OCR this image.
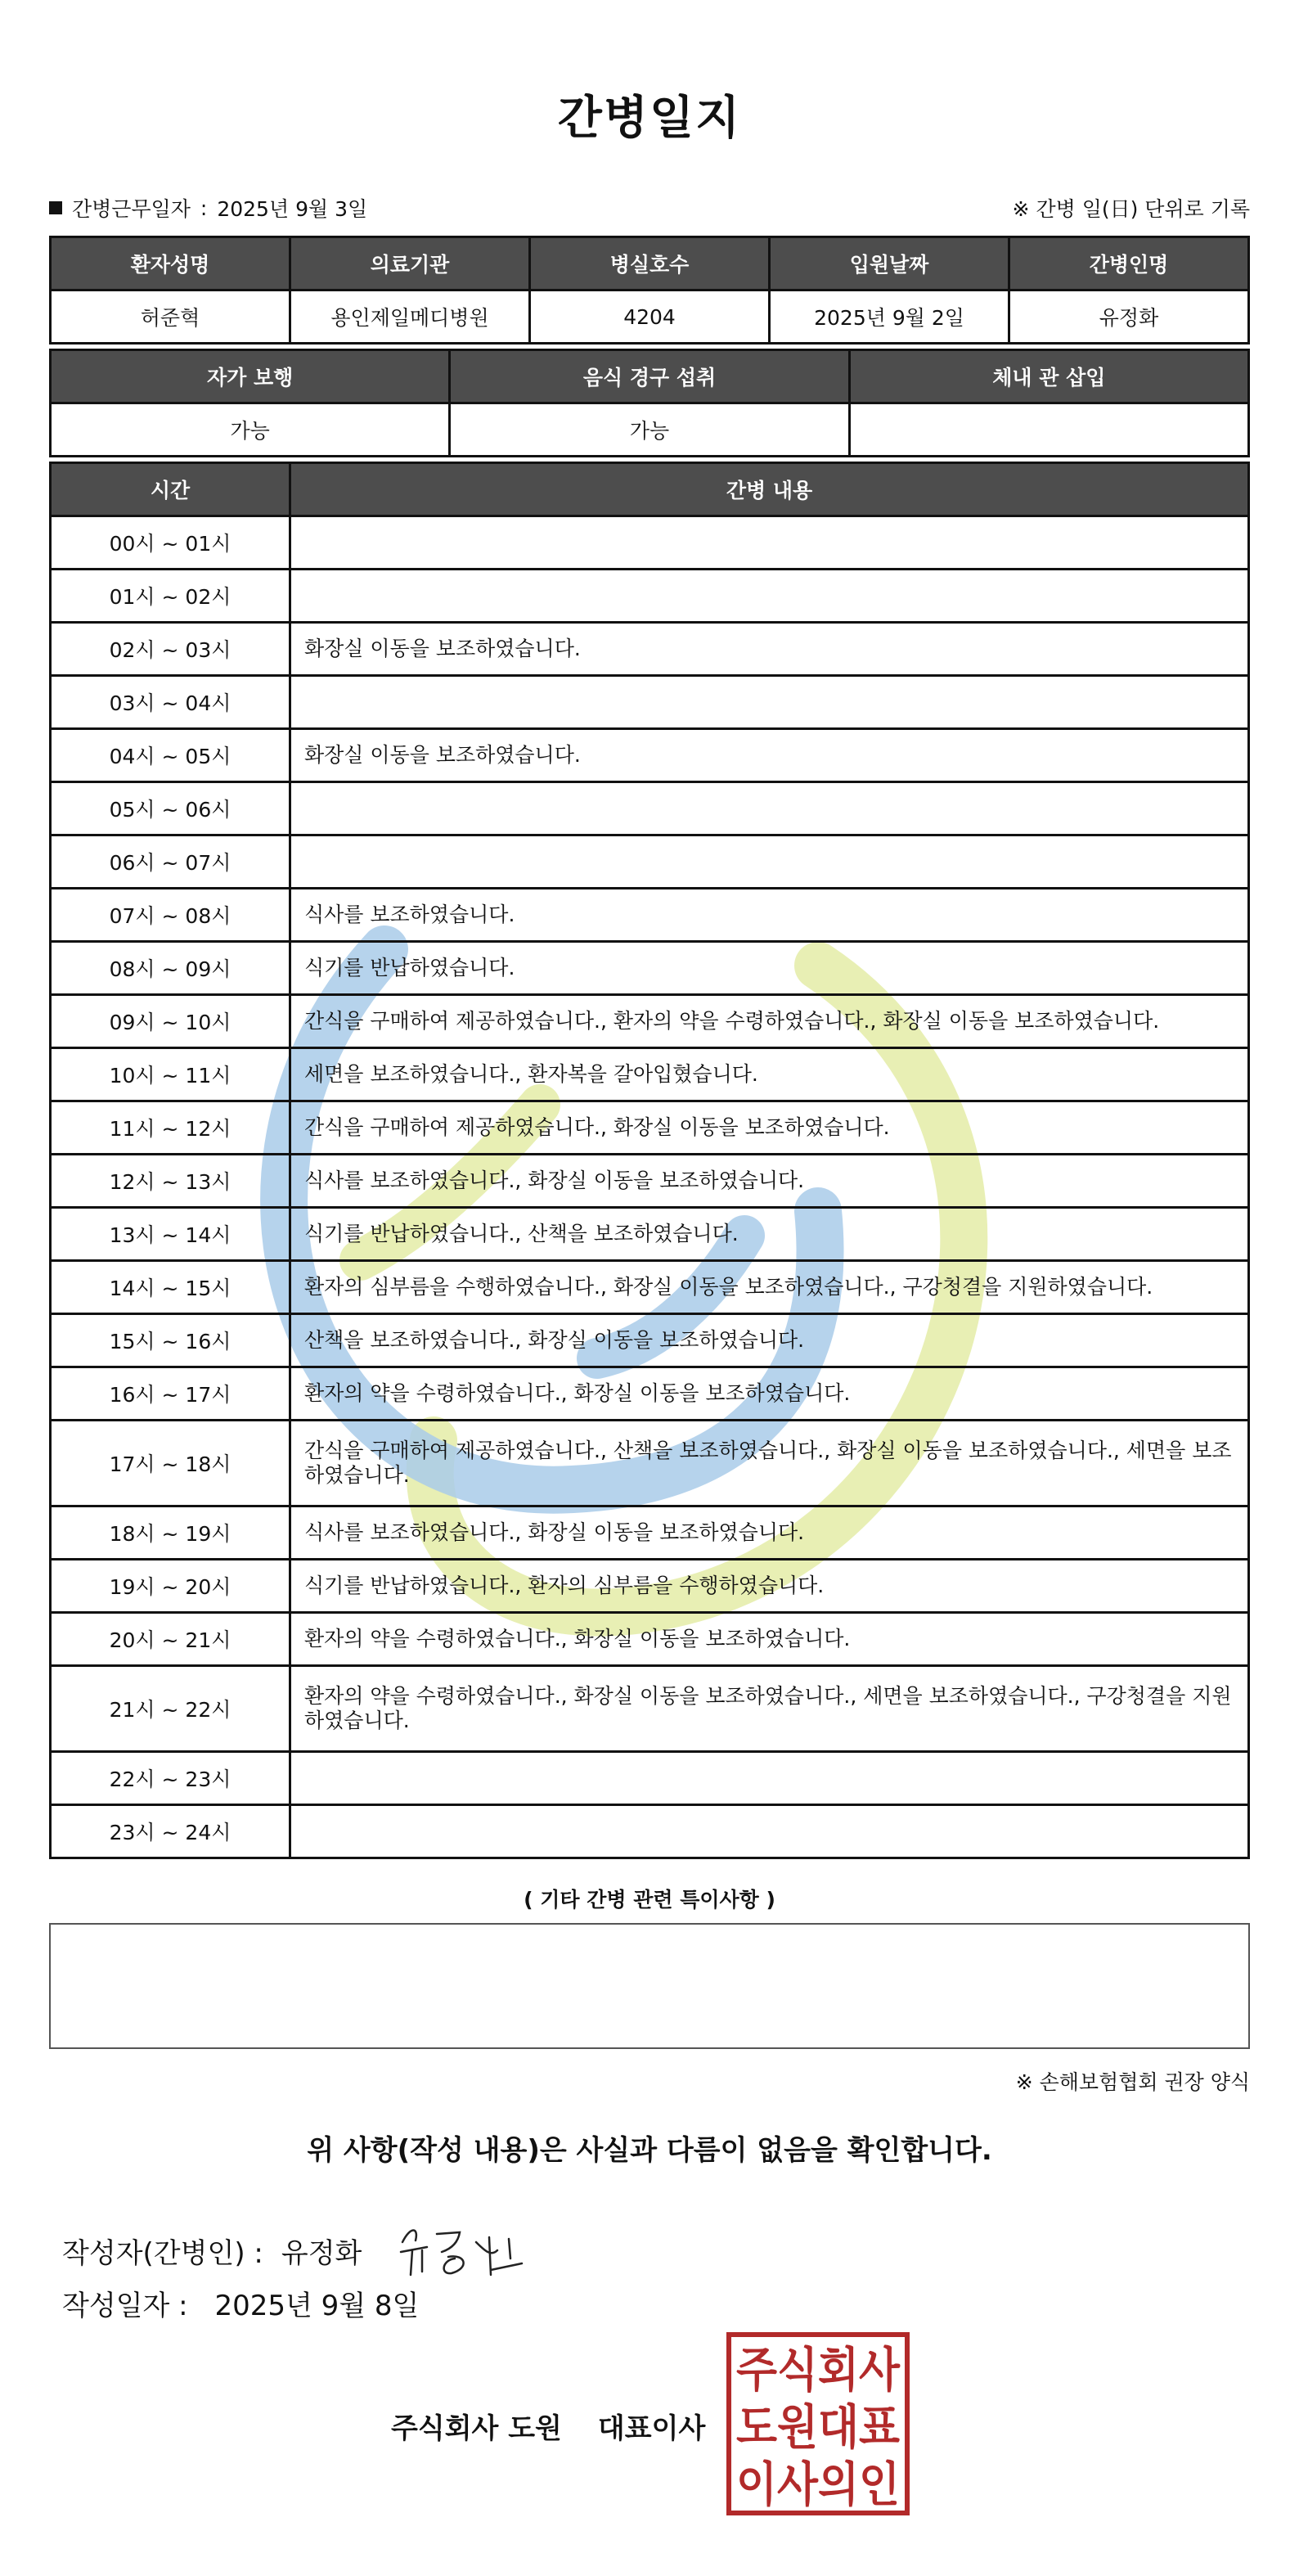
간병일지
간병근무일자 : 2025년 9월 3일	※ 간병 일(日) 단위로 기록
환자성명	의료기관	병실호수	입원날짜	간병인명
허준혁	용인제일메디병원	4204	2025년 9월 2일	유정화
자가 보행	음식 경구 섭취	체내 관 삽입
가능	가능	
시간	간병 내용
00시 ~ 01시	
01시 ~ 02시	
02시 ~ 03시	화장실 이동을 보조하였습니다.
03시 ~ 04시	
04시 ~ 05시	화장실 이동을 보조하였습니다.
05시 ~ 06시	
06시 ~ 07시	
07시 ~ 08시	식사를 보조하였습니다.
08시 ~ 09시	식기를 반납하였습니다.
09시 ~ 10시	간식을 구매하여 제공하였습니다., 환자의 약을 수령하였습니다., 화장실 이동을 보조하였습니다.
10시 ~ 11시	세면을 보조하였습니다., 환자복을 갈아입혔습니다.
11시 ~ 12시	간식을 구매하여 제공하였습니다., 화장실 이동을 보조하였습니다.
12시 ~ 13시	식사를 보조하였습니다., 화장실 이동을 보조하였습니다.
13시 ~ 14시	식기를 반납하였습니다., 산책을 보조하였습니다.
14시 ~ 15시	환자의 심부름을 수행하였습니다., 화장실 이동을 보조하였습니다., 구강청결을 지원하였습니다.
15시 ~ 16시	산책을 보조하였습니다., 화장실 이동을 보조하였습니다.
16시 ~ 17시	환자의 약을 수령하였습니다., 화장실 이동을 보조하였습니다.
17시 ~ 18시	간식을 구매하여 제공하였습니다., 산책을 보조하였습니다., 화장실 이동을 보조하였습니다., 세면을 보조하였습니다.
18시 ~ 19시	식사를 보조하였습니다., 화장실 이동을 보조하였습니다.
19시 ~ 20시	식기를 반납하였습니다., 환자의 심부름을 수행하였습니다.
20시 ~ 21시	환자의 약을 수령하였습니다., 화장실 이동을 보조하였습니다.
21시 ~ 22시	환자의 약을 수령하였습니다., 화장실 이동을 보조하였습니다., 세면을 보조하였습니다., 구강청결을 지원하였습니다.
22시 ~ 23시	
23시 ~ 24시	
( 기타 간병 관련 특이사항 )
※ 손해보험협회 권장 양식
위 사항(작성 내용)은 사실과 다름이 없음을 확인합니다.
작성자(간병인) : 유정화
작성일자 : 2025년 9월 8일
주식회사 도원 대표이사
주식회사
도원대표
이사의인
